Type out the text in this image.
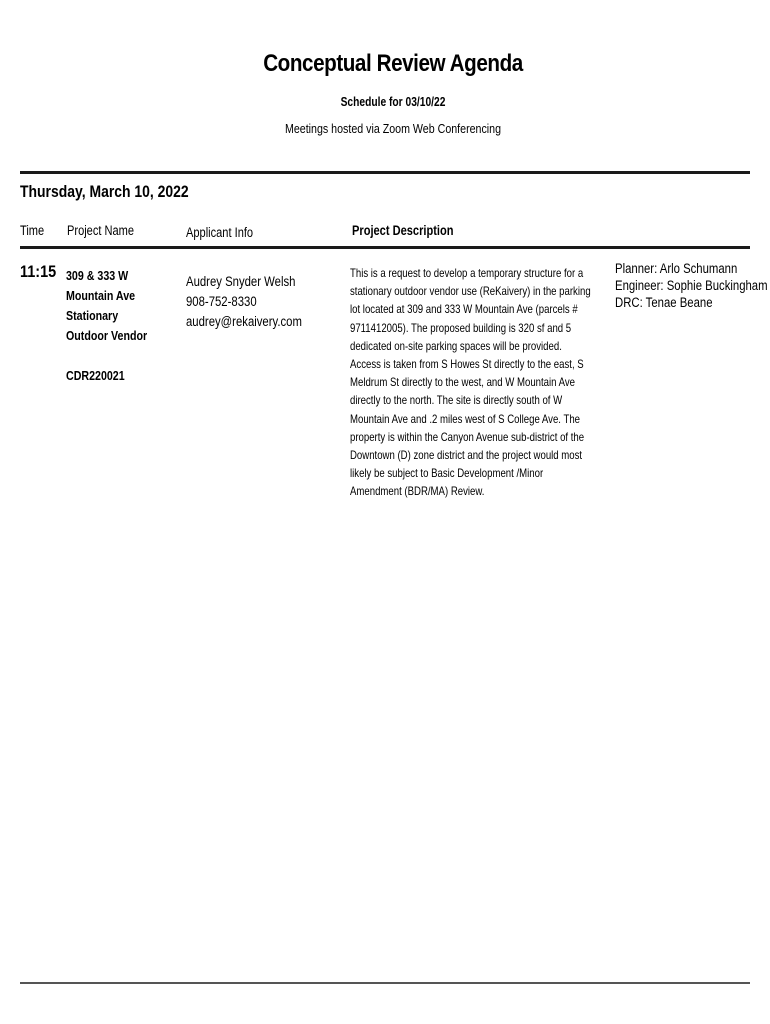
Conceptual Review Agenda
Schedule for 03/10/22
Meetings hosted via Zoom Web Conferencing
Thursday, March 10, 2022
Time Project Name	Applicant Info	Project Description
11:15 309 & 333 W
Mountain Ave
Stationary
Outdoor Vendor
CDR220021
Audrey Snyder Welsh
908-752-8330
audrey@rekaivery.com
This is a request to develop a temporary structure for a
stationary outdoor vendor use (ReKaivery) in the parking
lot located at 309 and 333 W Mountain Ave (parcels #
9711412005). The proposed building is 320 sf and 5
dedicated on-site parking spaces will be provided.
Access is taken from S Howes St directly to the east, S
Meldrum St directly to the west, and W Mountain Ave
directly to the north. The site is directly south of W
Mountain Ave and .2 miles west of S College Ave. The
property is within the Canyon Avenue sub-district of the
Downtown (D) zone district and the project would most
likely be subject to Basic Development /Minor
Amendment (BDR/MA) Review.
Planner: Arlo Schumann
Engineer: Sophie Buckingham
DRC: Tenae Beane
